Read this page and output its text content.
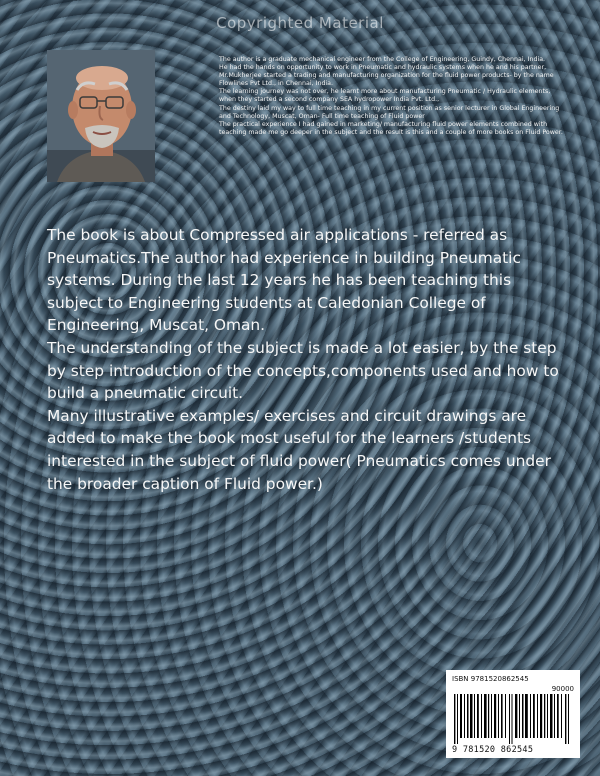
Copyrighted Material

The author is a graduate mechanical engineer from the College of Engineering, Guindy, Chennai, India.

He had the hands on opportunity to work in Pneumatic and hydraulic systems when he and his partner, Mr.Mukherjee started a trading and manufacturing organization for the fluid power products- by the name Flowlines Pvt Ltd., in Chennai, India.

The learning journey was not over, he learnt more about manufacturing Pneumatic / Hydraulic elements, when they started a second company SEA hydropower India Pvt. Ltd.,

The destiny laid my way to full time teaching in my current position as senior lecturer in Global Engineering and Technology, Muscat, Oman- Full time teaching of Fluid power

The practical experience I had gained in marketing/ manufacturing fluid power elements combined with teaching made me go deeper in the subject and the result is this and a couple of more books on Fluid Power.

The book is about Compressed air applications - referred as Pneumatics.The author had experience in building Pneumatic systems. During the last 12 years he has been teaching this subject to Engineering students at Caledonian College of Engineering, Muscat, Oman.

The understanding of the subject is made a lot easier, by the step by step introduction of the concepts,components used and how to build a pneumatic circuit.

Many illustrative examples/ exercises and circuit drawings are added to make the book most useful for the learners /students interested in the subject of fluid power( Pneumatics comes under the broader caption of Fluid power.)

ISBN 9781520862545
90000
9 781520 862545
